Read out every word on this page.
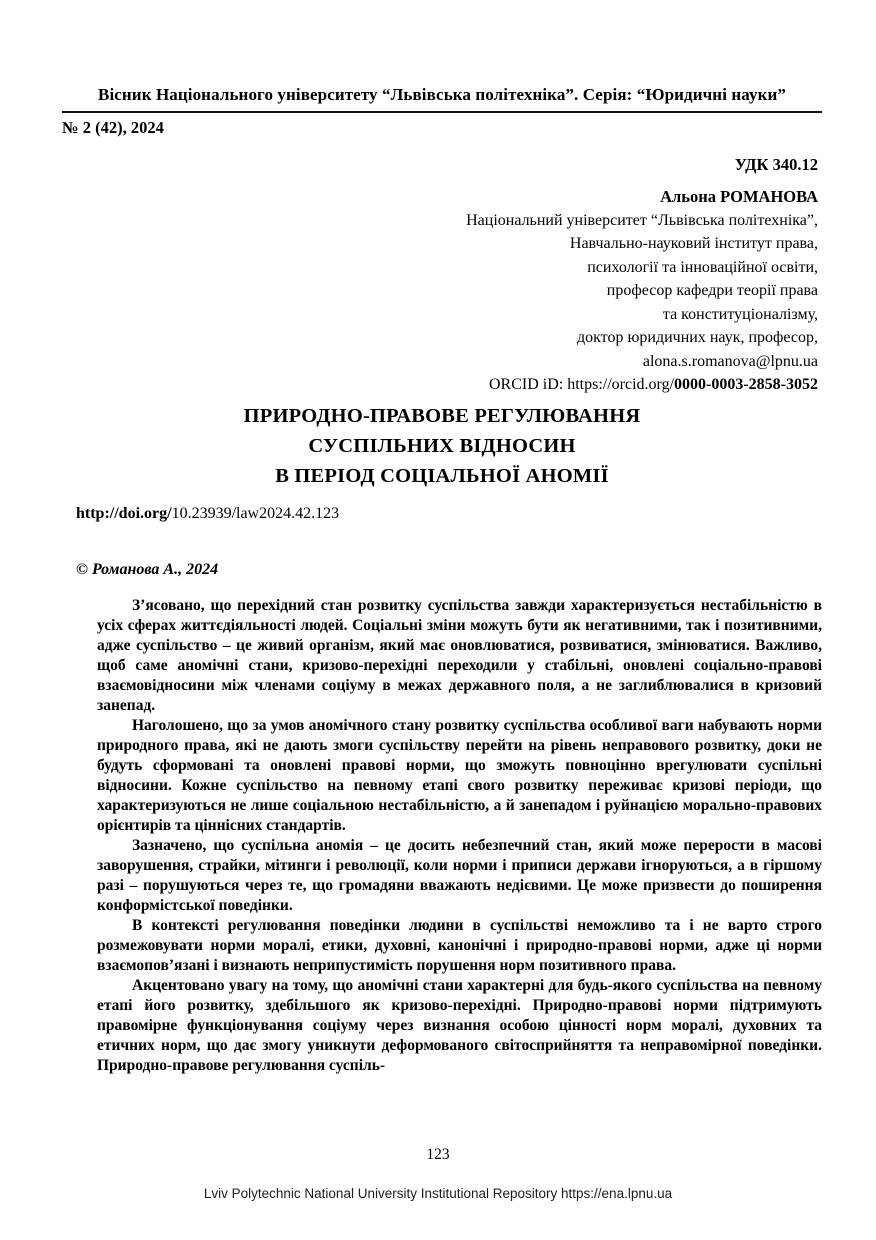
Вісник Національного університету “Львівська політехніка”. Серія: “Юридичні науки”
№ 2 (42), 2024
УДК 340.12
Альона РОМАНОВА
Національний університет “Львівська політехніка”,
Навчально-науковий інститут права,
психології та інноваційної освіти,
професор кафедри теорії права
та конституціоналізму,
доктор юридичних наук, професор,
alona.s.romanova@lpnu.ua
ORCID iD: https://orcid.org/0000-0003-2858-3052
ПРИРОДНО-ПРАВОВЕ РЕГУЛЮВАННЯ
СУСПІЛЬНИХ ВІДНОСИН
В ПЕРІОД СОЦІАЛЬНОЇ АНОМІЇ
http://doi.org/10.23939/law2024.42.123
© Романова А., 2024

З’ясовано, що перехідний стан розвитку суспільства завжди характеризується нестабільністю в усіх сферах життєдіяльності людей. Соціальні зміни можуть бути як негативними, так і позитивними, адже суспільство – це живий організм, який має оновлюватися, розвиватися, змінюватися. Важливо, щоб саме аномічні стани, кризово-перехідні переходили у стабільні, оновлені соціально-правові взаємовідносини між членами соціуму в межах державного поля, а не заглиблювалися в кризовий занепад.

Наголошено, що за умов аномічного стану розвитку суспільства особливої ваги набувають норми природного права, які не дають змоги суспільству перейти на рівень неправового розвитку, доки не будуть сформовані та оновлені правові норми, що зможуть повноцінно врегулювати суспільні відносини. Кожне суспільство на певному етапі свого розвитку переживає кризові періоди, що характеризуються не лише соціальною нестабільністю, а й занепадом і руйнацією морально-правових орієнтирів та ціннісних стандартів.

Зазначено, що суспільна аномія – це досить небезпечний стан, який може перерости в масові заворушення, страйки, мітинги і революції, коли норми і приписи держави ігноруються, а в гіршому разі – порушуються через те, що громадяни вважають недієвими. Це може призвести до поширення конформістської поведінки.

В контексті регулювання поведінки людини в суспільстві неможливо та і не варто строго розмежовувати норми моралі, етики, духовні, канонічні і природно-правові норми, адже ці норми взаємопов’язані і визнають неприпустимість порушення норм позитивного права.

Акцентовано увагу на тому, що аномічні стани характерні для будь-якого суспільства на певному етапі його розвитку, здебільшого як кризово-перехідні. Природно-правові норми підтримують правомірне функціонування соціуму через визнання особою цінності норм моралі, духовних та етичних норм, що дає змогу уникнути деформованого світосприйняття та неправомірної поведінки. Природно-правове регулювання суспіль-

123
Lviv Polytechnic National University Institutional Repository https://ena.lpnu.ua
